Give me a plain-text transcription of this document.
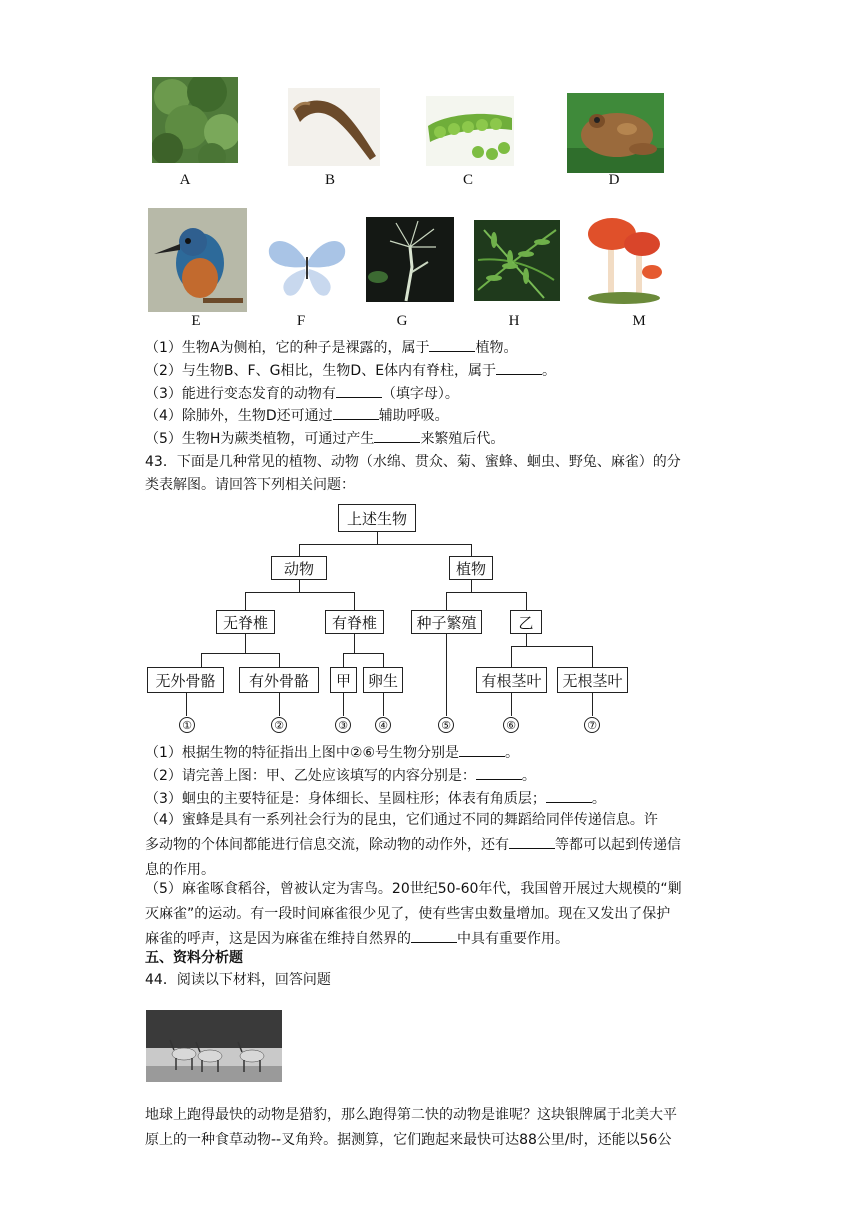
A	B	C	D
E	F	G	H	M
（1）生物A为侧柏，它的种子是裸露的，属于	植物。
（2）与生物B、F、G相比，生物D、E体内有脊柱，属于	。
（3）能进行变态发育的动物有	（填字母）。
（4）除肺外，生物D还可通过	辅助呼吸。
（5）生物H为蕨类植物，可通过产生	来繁殖后代。
43．下面是几种常见的植物、动物（水绵、贯众、菊、蜜蜂、蛔虫、野兔、麻雀）的分
类表解图。请回答下列相关问题：
上述生物
动物	植物
无脊椎	有脊椎	种子繁殖	乙
无外骨骼	有外骨骼	甲	卵生	有根茎叶	无根茎叶
①	②	③	④	⑤	⑥	⑦
（1）根据生物的特征指出上图中②⑥号生物分别是	。
（2）请完善上图：甲、乙处应该填写的内容分别是：	。
（3）蛔虫的主要特征是：身体细长、呈圆柱形；体表有角质层；	。
（4）蜜蜂是具有一系列社会行为的昆虫，它们通过不同的舞蹈给同伴传递信息。许
多动物的个体间都能进行信息交流，除动物的动作外，还有	等都可以起到传递信
息的作用。
（5）麻雀啄食稻谷，曾被认定为害鸟。20世纪50-60年代，我国曾开展过大规模的“剿
灭麻雀”的运动。有一段时间麻雀很少见了，使有些害虫数量增加。现在又发出了保护
麻雀的呼声，这是因为麻雀在维持自然界的	中具有重要作用。
五、资料分析题
44．阅读以下材料，回答问题
地球上跑得最快的动物是猎豹，那么跑得第二快的动物是谁呢？这块银牌属于北美大平
原上的一种食草动物--叉角羚。据测算，它们跑起来最快可达88公里/时，还能以56公
